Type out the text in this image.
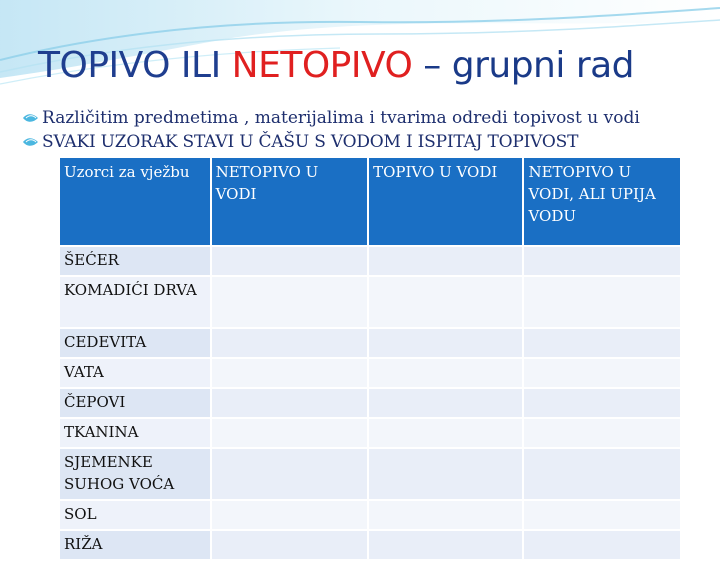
TOPIVO ILI NETOPIVO – grupni rad
Različitim predmetima , materijalima i tvarima odredi topivost u vodi
SVAKI UZORAK STAVI U ČAŠU S VODOM I ISPITAJ TOPIVOST
Uzorci za vježbu	NETOPIVO U VODI	TOPIVO U VODI	NETOPIVO U VODI, ALI UPIJA VODU
ŠEĆER			
KOMADIĆI DRVA			
CEDEVITA			
VATA			
ČEPOVI			
TKANINA			
SJEMENKE SUHOG VOĆA			
SOL			
RIŽA			
